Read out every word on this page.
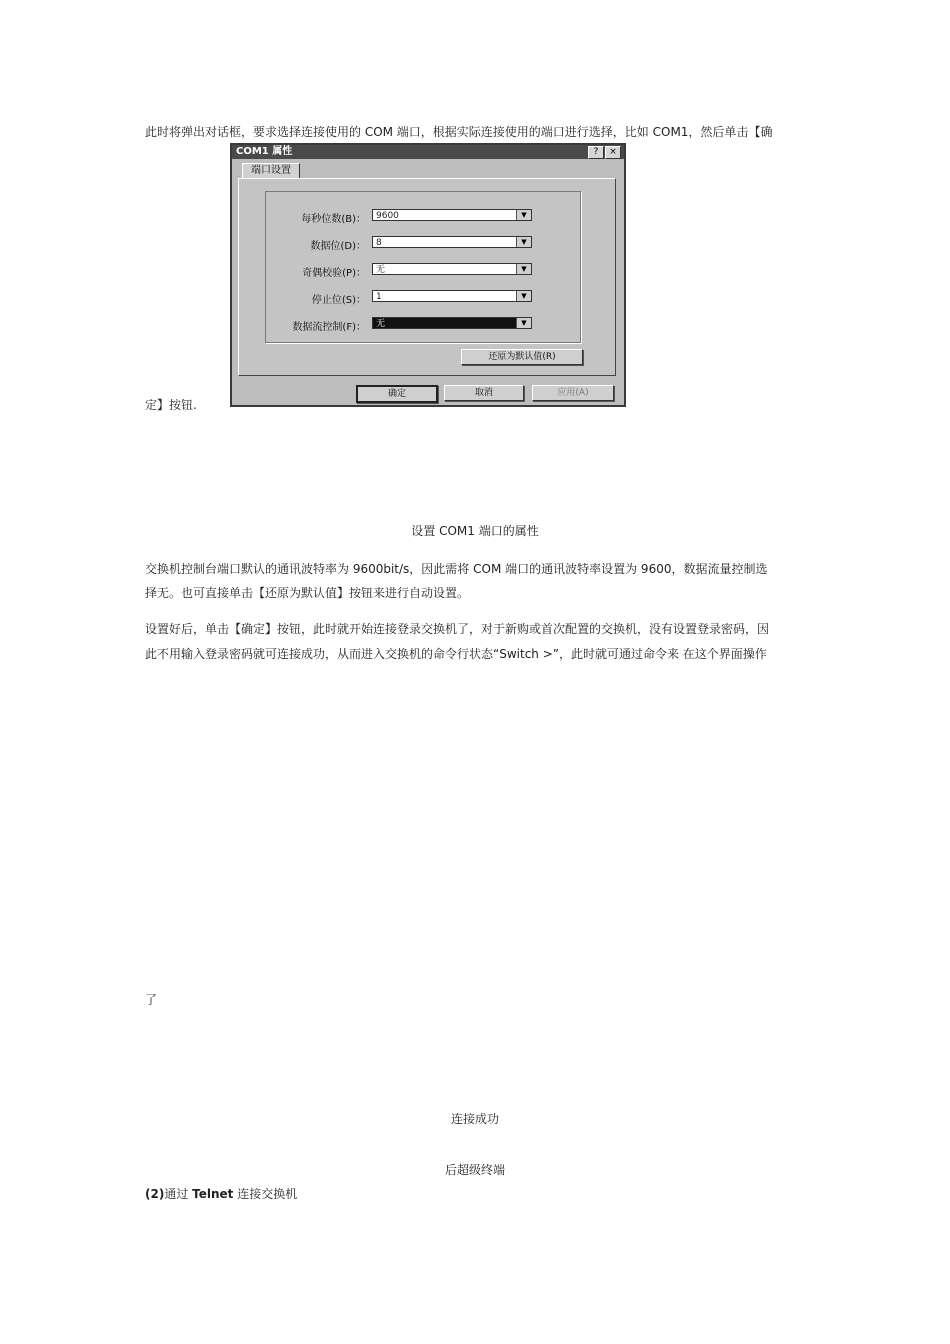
此时将弹出对话框，要求选择连接使用的 COM 端口，根据实际连接使用的端口进行选择，比如 COM1，然后单击【确
定】按钮.
COM1 属性	?	×
端口设置
每秒位数(B)：	9600	▼
数据位(D)：	8	▼
奇偶校验(P)：	无	▼
停止位(S)：	1	▼
数据流控制(F)：	无	▼
还原为默认值(R)
确定	取消	应用(A)
设置 COM1 端口的属性
交换机控制台端口默认的通讯波特率为 9600bit/s，因此需将 COM 端口的通讯波特率设置为 9600，数据流量控制选
择无。也可直接单击【还原为默认值】按钮来进行自动设置。
设置好后，单击【确定】按钮，此时就开始连接登录交换机了，对于新购或首次配置的交换机，没有设置登录密码，因
此不用输入登录密码就可连接成功，从而进入交换机的命令行状态“Switch >”，此时就可通过命令来 在这个界面操作
了
连接成功
后超级终端
(2)通过 Telnet 连接交换机
